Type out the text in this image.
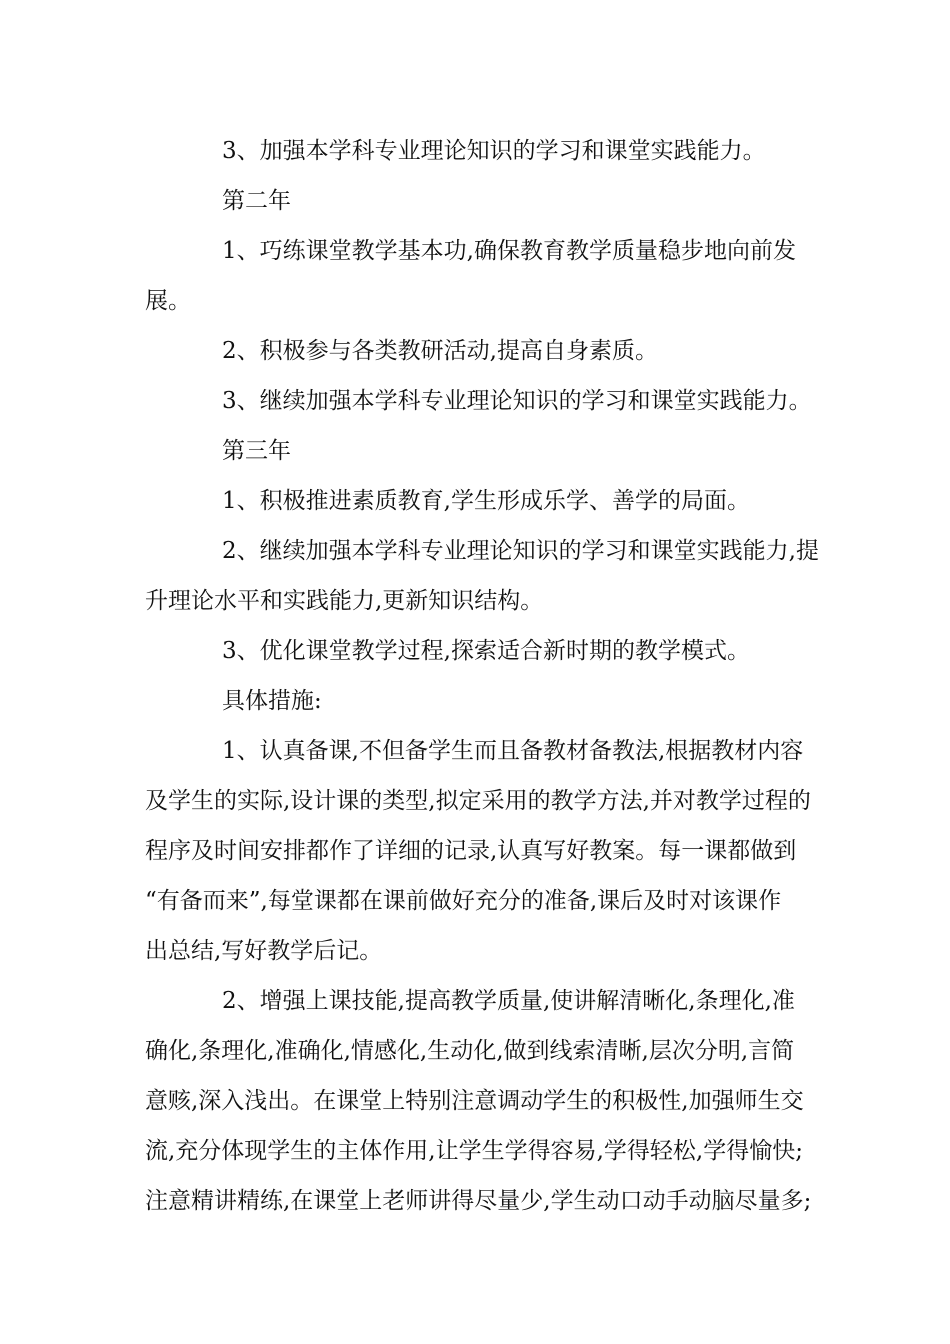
3、加强本学科专业理论知识的学习和课堂实践能力。
第二年
1、巧练课堂教学基本功,确保教育教学质量稳步地向前发
展。
2、积极参与各类教研活动,提高自身素质。
3、继续加强本学科专业理论知识的学习和课堂实践能力。
第三年
1、积极推进素质教育,学生形成乐学、善学的局面。
2、继续加强本学科专业理论知识的学习和课堂实践能力,提
升理论水平和实践能力,更新知识结构。
3、优化课堂教学过程,探索适合新时期的教学模式。
具体措施:
1、认真备课,不但备学生而且备教材备教法,根据教材内容
及学生的实际,设计课的类型,拟定采用的教学方法,并对教学过程的
程序及时间安排都作了详细的记录,认真写好教案。每一课都做到
“有备而来”,每堂课都在课前做好充分的准备,课后及时对该课作
出总结,写好教学后记。
2、增强上课技能,提高教学质量,使讲解清晰化,条理化,准
确化,条理化,准确化,情感化,生动化,做到线索清晰,层次分明,言简
意赅,深入浅出。在课堂上特别注意调动学生的积极性,加强师生交
流,充分体现学生的主体作用,让学生学得容易,学得轻松,学得愉快;
注意精讲精练,在课堂上老师讲得尽量少,学生动口动手动脑尽量多;
